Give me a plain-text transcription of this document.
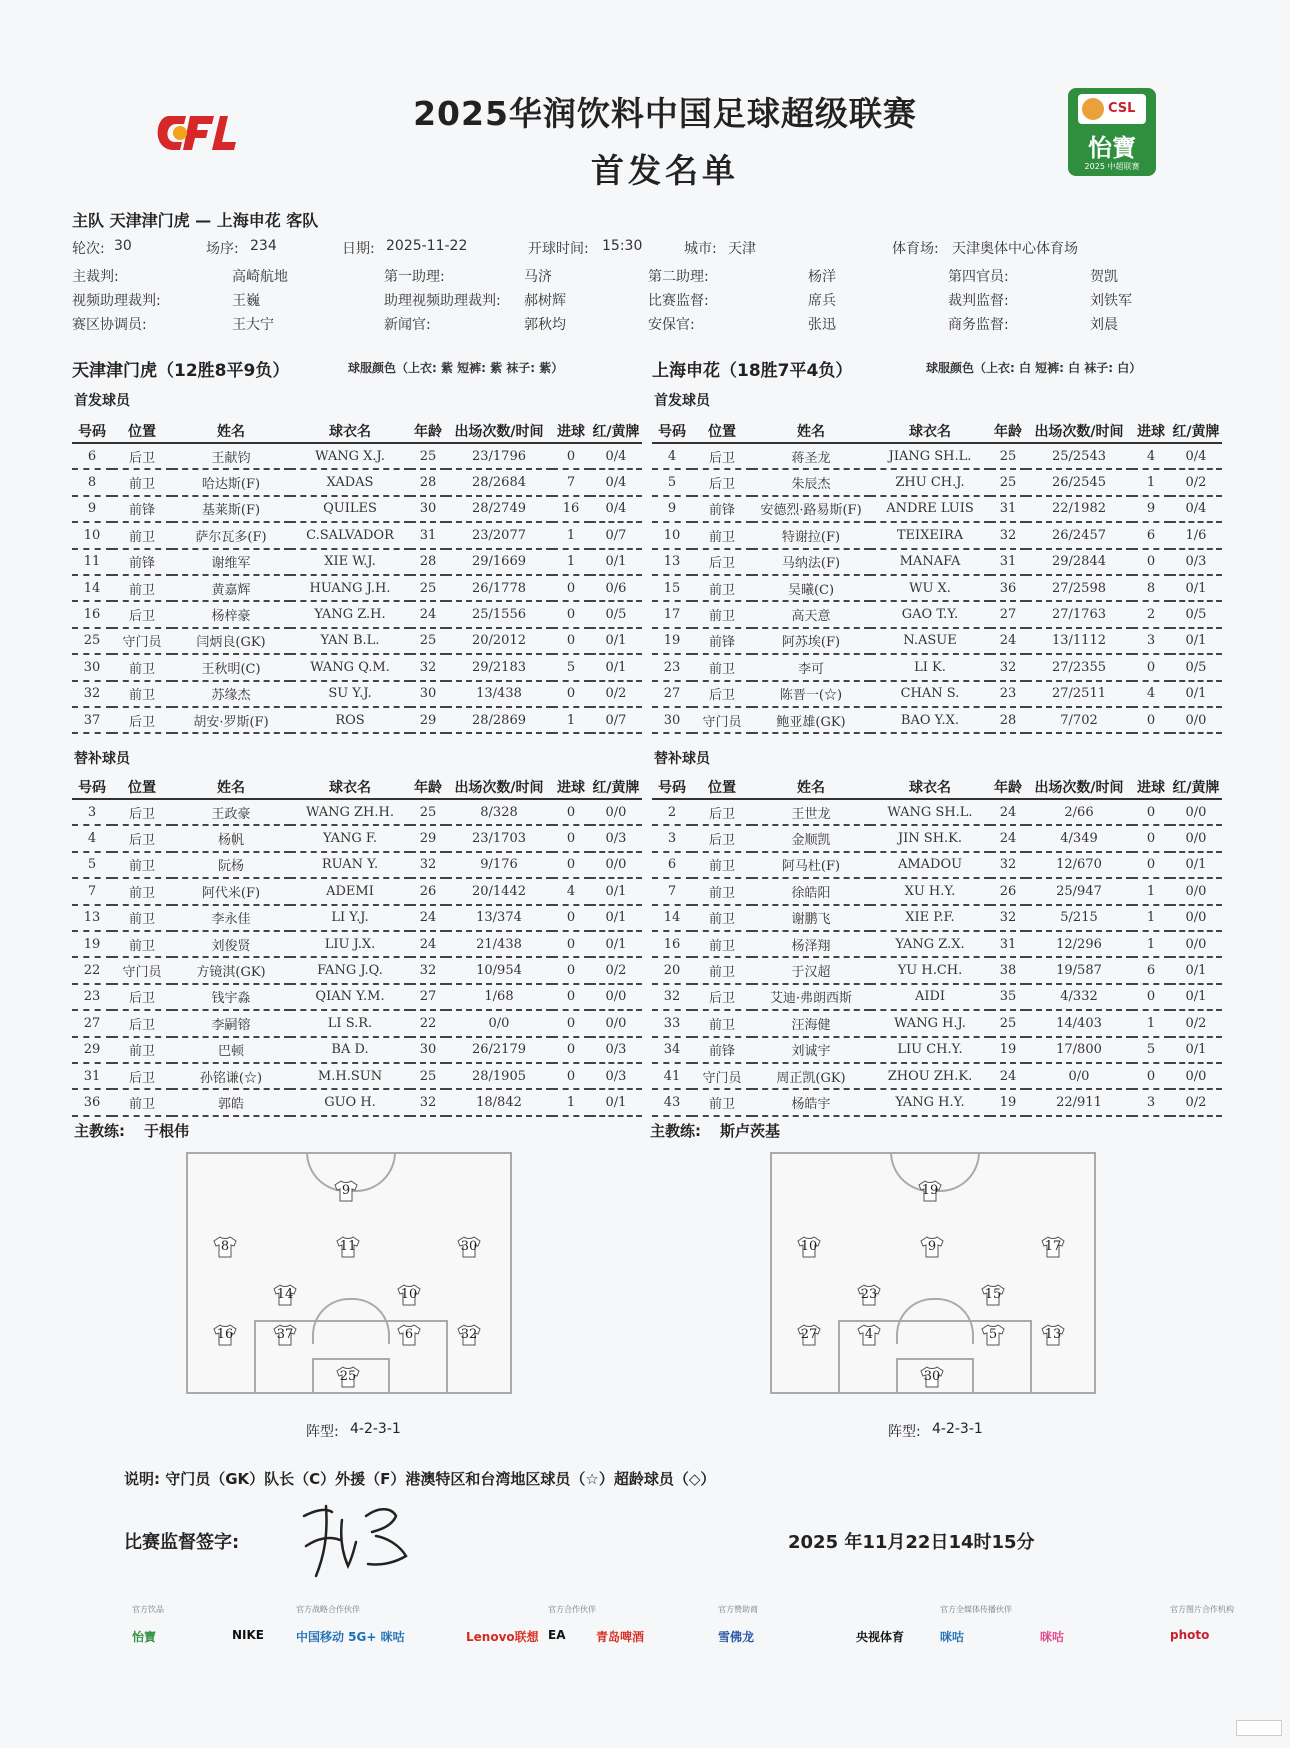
2025华润饮料中国足球超级联赛
首发名单
CSL
怡寶
2025 中超联赛
主队 天津津门虎 — 上海申花 客队
轮次: 30	场序: 234	日期: 2025-11-22	开球时间: 15:30	城市: 天津	体育场: 天津奥体中心体育场
主裁判:	高崎航地	第一助理:	马济	第二助理:	杨洋	第四官员:	贺凯
视频助理裁判:	王巍	助理视频助理裁判: 郝树辉	比赛监督:	席兵	裁判监督:	刘铁军
赛区协调员:	王大宁	新闻官:	郭秋均	安保官:	张迅	商务监督:	刘晨
天津津门虎（12胜8平9负）	球服颜色（上衣: 紫 短裤: 紫 袜子: 紫）	上海申花（18胜7平4负）	球服颜色（上衣: 白 短裤: 白 袜子: 白）
首发球员	首发球员
替补球员	替补球员
号码	位置	姓名	球衣名	年龄	出场次数/时间	进球	红/黄牌
6	后卫	王献钧	WANG X.J.	25	23/1796	0	0/4
8	前卫	哈达斯(F)	XADAS	28	28/2684	7	0/4
9	前锋	基莱斯(F)	QUILES	30	28/2749	16	0/4
10	前卫	萨尔瓦多(F)	C.SALVADOR	31	23/2077	1	0/7
11	前锋	谢维军	XIE W.J.	28	29/1669	1	0/1
14	前卫	黄嘉辉	HUANG J.H.	25	26/1778	0	0/6
16	后卫	杨梓豪	YANG Z.H.	24	25/1556	0	0/5
25	守门员	闫炳良(GK)	YAN B.L.	25	20/2012	0	0/1
30	前卫	王秋明(C)	WANG Q.M.	32	29/2183	5	0/1
32	前卫	苏缘杰	SU Y.J.	30	13/438	0	0/2
37	后卫	胡安·罗斯(F)	ROS	29	28/2869	1	0/7
号码	位置	姓名	球衣名	年龄	出场次数/时间	进球	红/黄牌
4	后卫	蒋圣龙	JIANG SH.L.	25	25/2543	4	0/4
5	后卫	朱辰杰	ZHU CH.J.	25	26/2545	1	0/2
9	前锋	安德烈·路易斯(F)	ANDRE LUIS	31	22/1982	9	0/4
10	前卫	特谢拉(F)	TEIXEIRA	32	26/2457	6	1/6
13	后卫	马纳法(F)	MANAFA	31	29/2844	0	0/3
15	前卫	吴曦(C)	WU X.	36	27/2598	8	0/1
17	前卫	高天意	GAO T.Y.	27	27/1763	2	0/5
19	前锋	阿苏埃(F)	N.ASUE	24	13/1112	3	0/1
23	前卫	李可	LI K.	32	27/2355	0	0/5
27	后卫	陈晋一(☆)	CHAN S.	23	27/2511	4	0/1
30	守门员	鲍亚雄(GK)	BAO Y.X.	28	7/702	0	0/0
号码	位置	姓名	球衣名	年龄	出场次数/时间	进球	红/黄牌
3	后卫	王政豪	WANG ZH.H.	25	8/328	0	0/0
4	后卫	杨帆	YANG F.	29	23/1703	0	0/3
5	前卫	阮杨	RUAN Y.	32	9/176	0	0/0
7	前卫	阿代米(F)	ADEMI	26	20/1442	4	0/1
13	前卫	李永佳	LI Y.J.	24	13/374	0	0/1
19	前卫	刘俊贤	LIU J.X.	24	21/438	0	0/1
22	守门员	方镜淇(GK)	FANG J.Q.	32	10/954	0	0/2
23	后卫	钱宇淼	QIAN Y.M.	27	1/68	0	0/0
27	后卫	李嗣镕	LI S.R.	22	0/0	0	0/0
29	前卫	巴顿	BA D.	30	26/2179	0	0/3
31	后卫	孙铭谦(☆)	M.H.SUN	25	28/1905	0	0/3
36	前卫	郭皓	GUO H.	32	18/842	1	0/1
号码	位置	姓名	球衣名	年龄	出场次数/时间	进球	红/黄牌
2	后卫	王世龙	WANG SH.L.	24	2/66	0	0/0
3	后卫	金顺凯	JIN SH.K.	24	4/349	0	0/0
6	前卫	阿马杜(F)	AMADOU	32	12/670	0	0/1
7	前卫	徐皓阳	XU H.Y.	26	25/947	1	0/0
14	前卫	谢鹏飞	XIE P.F.	32	5/215	1	0/0
16	前卫	杨泽翔	YANG Z.X.	31	12/296	1	0/0
20	前卫	于汉超	YU H.CH.	38	19/587	6	0/1
32	后卫	艾迪·弗朗西斯	AIDI	35	4/332	0	0/1
33	前卫	汪海健	WANG H.J.	25	14/403	1	0/2
34	前锋	刘诚宇	LIU CH.Y.	19	17/800	5	0/1
41	守门员	周正凯(GK)	ZHOU ZH.K.	24	0/0	0	0/0
43	前卫	杨皓宇	YANG H.Y.	19	22/911	3	0/2
主教练: 于根伟	主教练: 斯卢茨基
9
8	11	30
14	10
16	37	6	32
25
19
10	9	17
23	15
27	4	5	13
30
阵型: 4-2-3-1	阵型: 4-2-3-1
说明: 守门员（GK）队长（C）外援（F）港澳特区和台湾地区球员（☆）超龄球员（◇）
比赛监督签字:	2025 年11月22日14时15分
官方饮品
怡寶	NIKE
官方战略合作伙伴
中国移动 5G+ 咪咕	Lenovo联想
官方合作伙伴
EA	青岛啤酒
官方赞助商
雪佛龙	央视体育
官方全媒体传播伙伴
咪咕	咪咕
官方图片合作机构
photo
